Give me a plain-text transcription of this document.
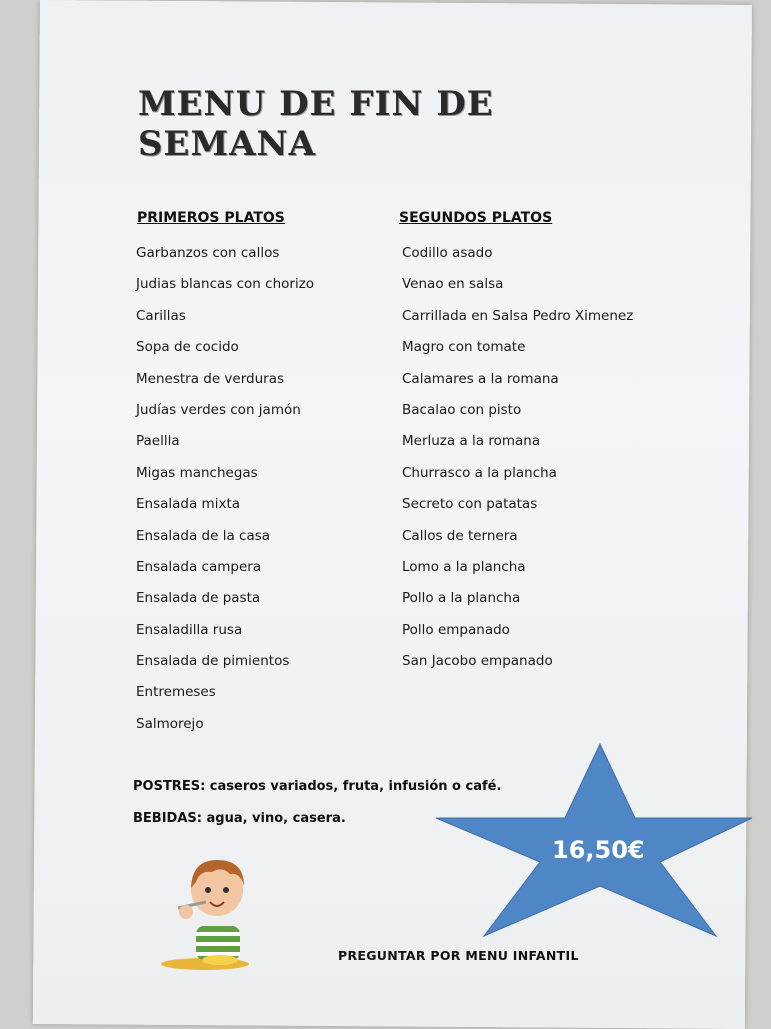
MENU DE FIN DE SEMANA
PRIMEROS PLATOS	SEGUNDOS PLATOS
Garbanzos con callos
Judias blancas con chorizo
Carillas
Sopa de cocido
Menestra de verduras
Judías verdes con jamón
Paellla
Migas manchegas
Ensalada mixta
Ensalada de la casa
Ensalada campera
Ensalada de pasta
Ensaladilla rusa
Ensalada de pimientos
Entremeses
Salmorejo
Codillo asado
Venao en salsa
Carrillada en Salsa Pedro Ximenez
Magro con tomate
Calamares a la romana
Bacalao con pisto
Merluza a la romana
Churrasco a la plancha
Secreto con patatas
Callos de ternera
Lomo a la plancha
Pollo a la plancha
Pollo empanado
San Jacobo empanado
POSTRES: caseros variados, fruta, infusión o café.
BEBIDAS: agua, vino, casera.
16,50€
PREGUNTAR POR MENU INFANTIL
